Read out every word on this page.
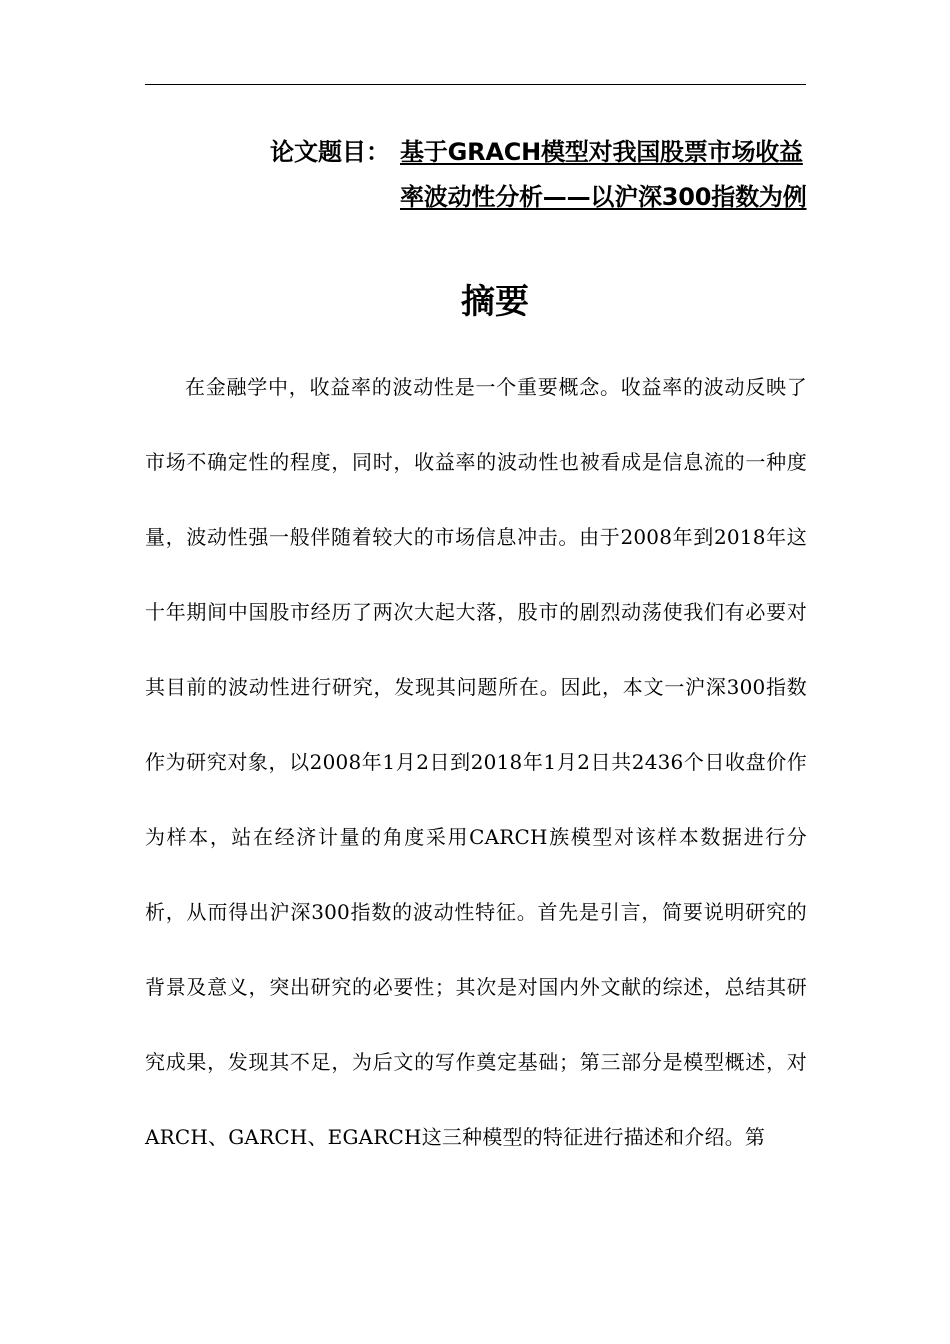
论文题目： 基于GRACH模型对我国股票市场收益率波动性分析——以沪深300指数为例
摘要
在金融学中，收益率的波动性是一个重要概念。收益率的波动反映了市场不确定性的程度，同时，收益率的波动性也被看成是信息流的一种度量，波动性强一般伴随着较大的市场信息冲击。由于2008年到2018年这十年期间中国股市经历了两次大起大落，股市的剧烈动荡使我们有必要对其目前的波动性进行研究，发现其问题所在。因此，本文一沪深300指数作为研究对象，以2008年1月2日到2018年1月2日共2436个日收盘价作为样本，站在经济计量的角度采用CARCH族模型对该样本数据进行分析，从而得出沪深300指数的波动性特征。首先是引言，简要说明研究的背景及意义，突出研究的必要性；其次是对国内外文献的综述，总结其研究成果，发现其不足，为后文的写作奠定基础；第三部分是模型概述，对ARCH、GARCH、EGARCH这三种模型的特征进行描述和介绍。第
